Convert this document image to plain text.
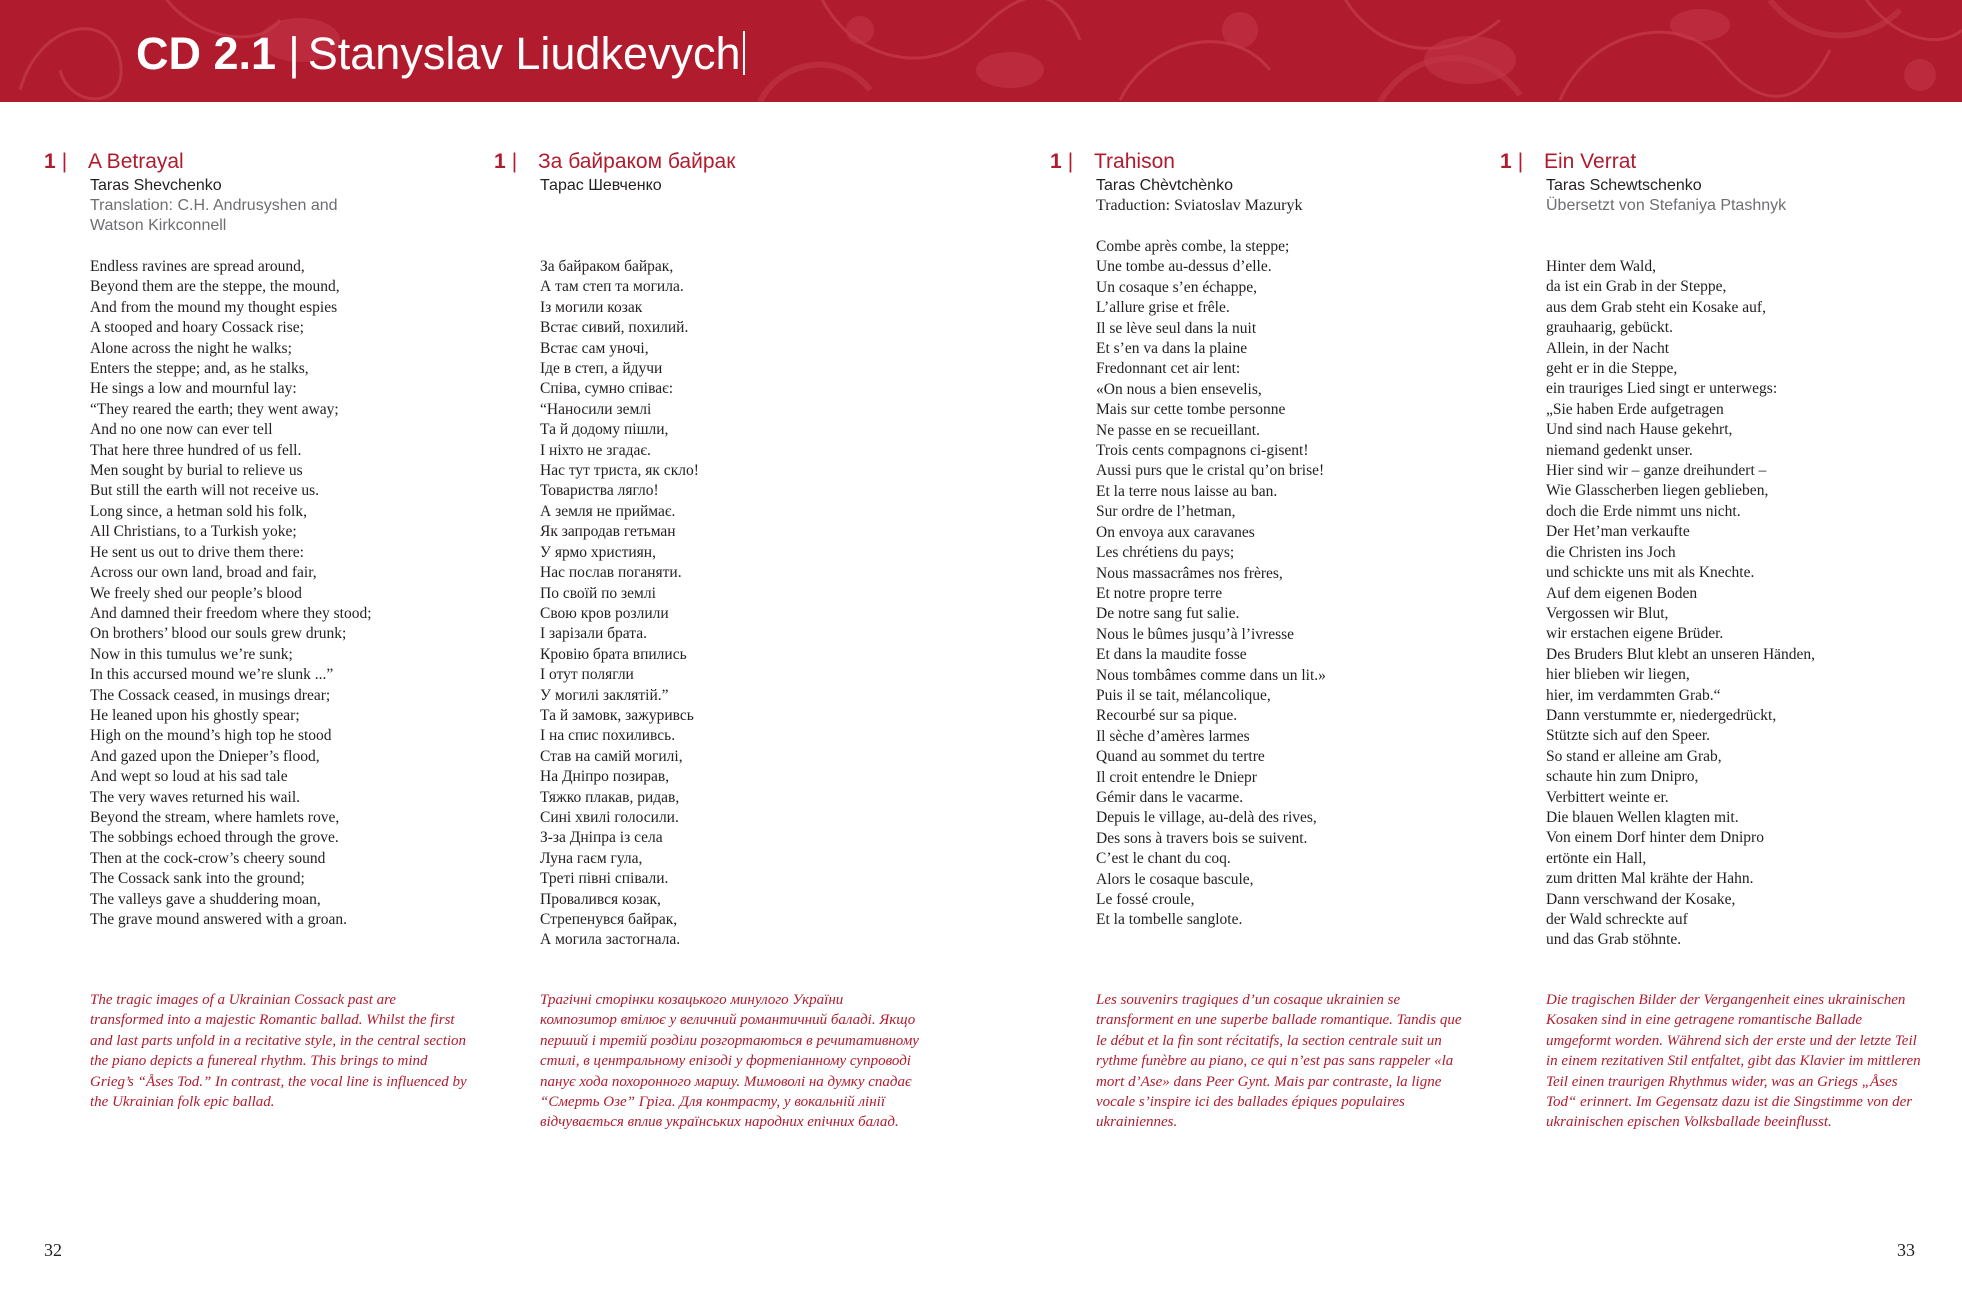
CD 2.1 | Stanyslav Liudkevych
1 | A Betrayal
Taras Shevchenko
Translation: C.H. Andrusyshen and
Watson Kirkconnell
Endless ravines are spread around,
Beyond them are the steppe, the mound,
And from the mound my thought espies
A stooped and hoary Cossack rise;
Alone across the night he walks;
Enters the steppe; and, as he stalks,
He sings a low and mournful lay:
“They reared the earth; they went away;
And no one now can ever tell
That here three hundred of us fell.
Men sought by burial to relieve us
But still the earth will not receive us.
Long since, a hetman sold his folk,
All Christians, to a Turkish yoke;
He sent us out to drive them there:
Across our own land, broad and fair,
We freely shed our people’s blood
And damned their freedom where they stood;
On brothers’ blood our souls grew drunk;
Now in this tumulus we’re sunk;
In this accursed mound we’re slunk ...”
The Cossack ceased, in musings drear;
He leaned upon his ghostly spear;
High on the mound’s high top he stood
And gazed upon the Dnieper’s flood,
And wept so loud at his sad tale
The very waves returned his wail.
Beyond the stream, where hamlets rove,
The sobbings echoed through the grove.
Then at the cock-crow’s cheery sound
The Cossack sank into the ground;
The valleys gave a shuddering moan,
The grave mound answered with a groan.
1 | За байраком байрак
Тарас Шевченко
За байраком байрак,
А там степ та могила.
Із могили козак
Встає сивий, похилий.
Встає сам уночі,
Іде в степ, а йдучи
Співа, сумно співає:
“Наносили землі
Та й додому пішли,
І ніхто не згадає.
Нас тут триста, як скло!
Товариства лягло!
А земля не приймає.
Як запродав гетьман
У ярмо християн,
Нас послав поганяти.
По своїй по землі
Свою кров розлили
І зарізали брата.
Кровію брата впились
І отут полягли
У могилі заклятій.”
Та й замовк, зажуривсь
І на спис похиливсь.
Став на самій могилі,
На Дніпро позирав,
Тяжко плакав, ридав,
Сині хвилі голосили.
З-за Дніпра із села
Луна гаєм гула,
Треті півні співали.
Провалився козак,
Стрепенувся байрак,
А могила застогнала.
1 | Trahison
Taras Chèvtchènko
Traduction: Sviatoslav Mazuryk
Combe après combe, la steppe;
Une tombe au-dessus d’elle.
Un cosaque s’en échappe,
L’allure grise et frêle.
Il se lève seul dans la nuit
Et s’en va dans la plaine
Fredonnant cet air lent:
«On nous a bien ensevelis,
Mais sur cette tombe personne
Ne passe en se recueillant.
Trois cents compagnons ci-gisent!
Aussi purs que le cristal qu’on brise!
Et la terre nous laisse au ban.
Sur ordre de l’hetman,
On envoya aux caravanes
Les chrétiens du pays;
Nous massacrâmes nos frères,
Et notre propre terre
De notre sang fut salie.
Nous le bûmes jusqu’à l’ivresse
Et dans la maudite fosse
Nous tombâmes comme dans un lit.»
Puis il se tait, mélancolique,
Recourbé sur sa pique.
Il sèche d’amères larmes
Quand au sommet du tertre
Il croit entendre le Dniepr
Gémir dans le vacarme.
Depuis le village, au-delà des rives,
Des sons à travers bois se suivent.
C’est le chant du coq.
Alors le cosaque bascule,
Le fossé croule,
Et la tombelle sanglote.
1 | Ein Verrat
Taras Schewtschenko
Übersetzt von Stefaniya Ptashnyk
Hinter dem Wald,
da ist ein Grab in der Steppe,
aus dem Grab steht ein Kosake auf,
grauhaarig, gebückt.
Allein, in der Nacht
geht er in die Steppe,
ein trauriges Lied singt er unterwegs:
„Sie haben Erde aufgetragen
Und sind nach Hause gekehrt,
niemand gedenkt unser.
Hier sind wir – ganze dreihundert –
Wie Glasscherben liegen geblieben,
doch die Erde nimmt uns nicht.
Der Het’man verkaufte
die Christen ins Joch
und schickte uns mit als Knechte.
Auf dem eigenen Boden
Vergossen wir Blut,
wir erstachen eigene Brüder.
Des Bruders Blut klebt an unseren Händen,
hier blieben wir liegen,
hier, im verdammten Grab.“
Dann verstummte er, niedergedrückt,
Stützte sich auf den Speer.
So stand er alleine am Grab,
schaute hin zum Dnipro,
Verbittert weinte er.
Die blauen Wellen klagten mit.
Von einem Dorf hinter dem Dnipro
ertönte ein Hall,
zum dritten Mal krähte der Hahn.
Dann verschwand der Kosake,
der Wald schreckte auf
und das Grab stöhnte.
The tragic images of a Ukrainian Cossack past are transformed into a majestic Romantic ballad. Whilst the first and last parts unfold in a recitative style, in the central section the piano depicts a funereal rhythm. This brings to mind Grieg’s “Åses Tod.” In contrast, the vocal line is influenced by the Ukrainian folk epic ballad.
Трагічні сторінки козацького минулого України композитор втілює у величний романтичний баладі. Якщо перший і третій розділи розгортаються в речитативному стилі, в центральному епізоді у фортепіанному супроводі панує хода похоронного маршу. Мимоволі на думку спадає “Смерть Озе” Гріга. Для контрасту, у вокальній лінії відчувається вплив українських народних епічних балад.
Les souvenirs tragiques d’un cosaque ukrainien se transforment en une superbe ballade romantique. Tandis que le début et la fin sont récitatifs, la section centrale suit un rythme funèbre au piano, ce qui n’est pas sans rappeler «la mort d’Ase» dans Peer Gynt. Mais par contraste, la ligne vocale s’inspire ici des ballades épiques populaires ukrainiennes.
Die tragischen Bilder der Vergangenheit eines ukrainischen Kosaken sind in eine getragene romantische Ballade umgeformt worden. Während sich der erste und der letzte Teil in einem rezitativen Stil entfaltet, gibt das Klavier im mittleren Teil einen traurigen Rhythmus wider, was an Griegs „Åses Tod“ erinnert. Im Gegensatz dazu ist die Singstimme von der ukrainischen epischen Volksballade beeinflusst.
32	33
